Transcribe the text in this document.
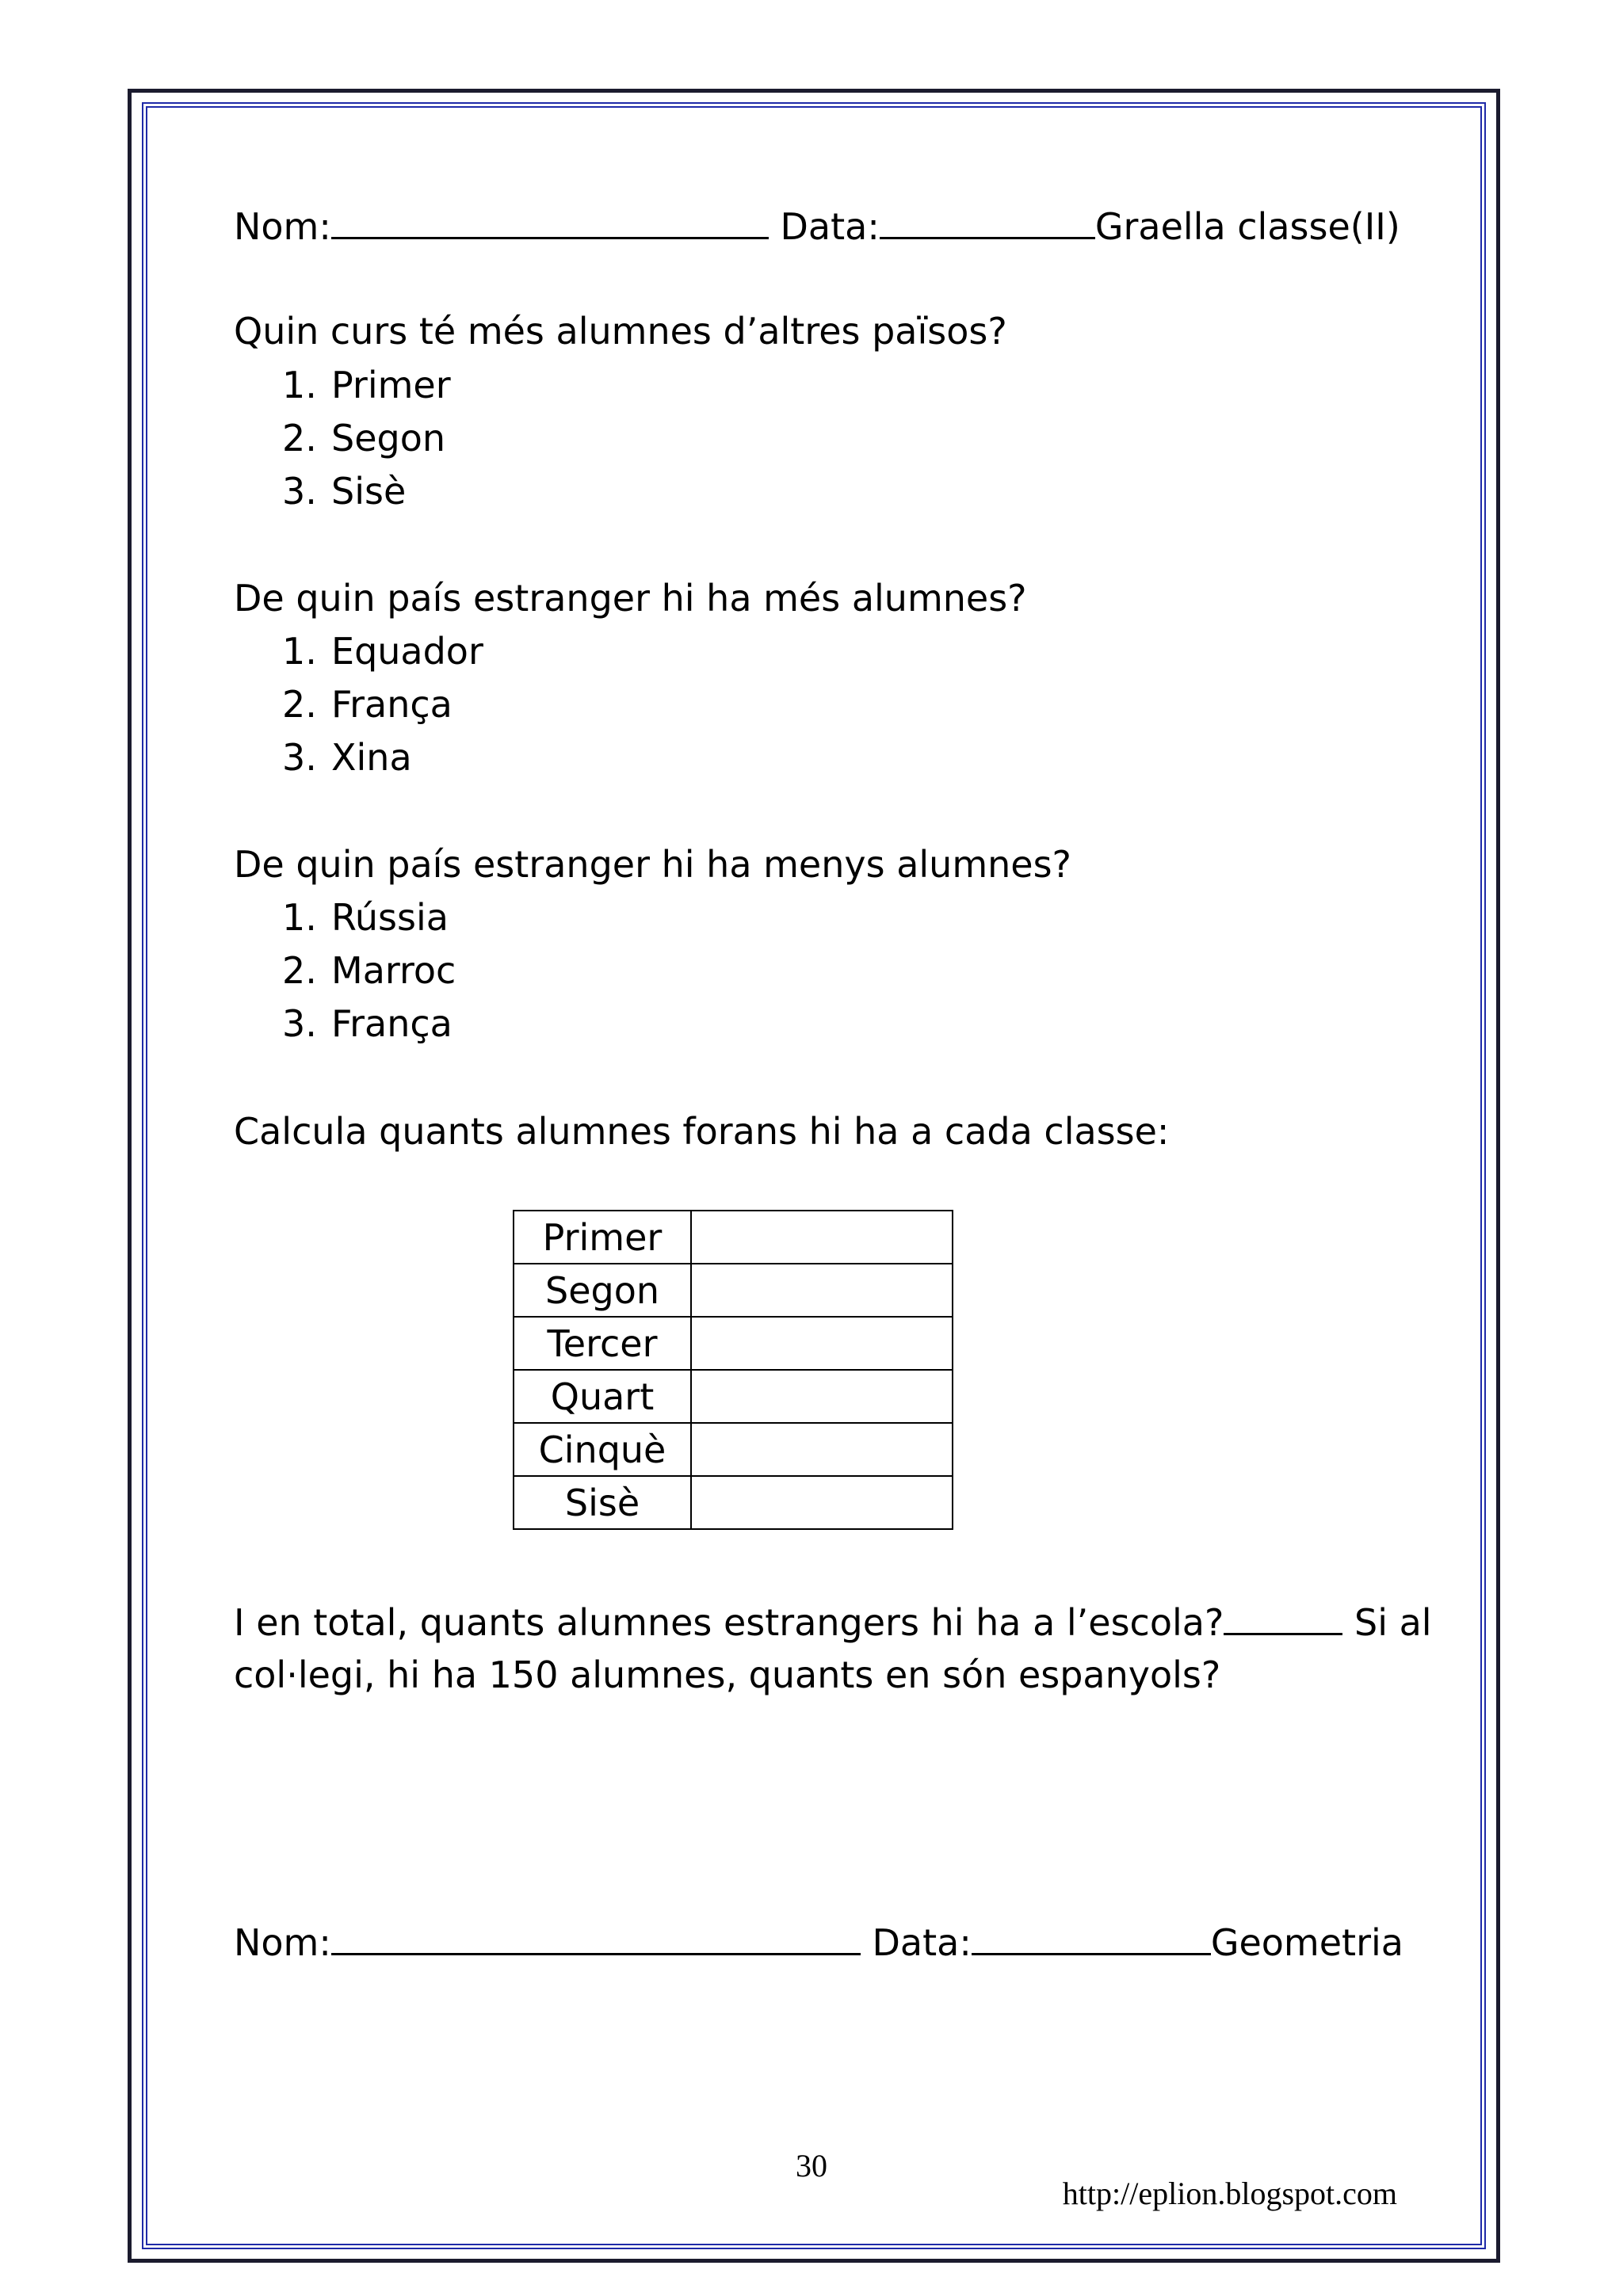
Nom:	Data:	Graella classe(II)
Quin curs té més alumnes d’altres països?
1. Primer
2. Segon
3. Sisè
De quin país estranger hi ha més alumnes?
1. Equador
2. França
3. Xina
De quin país estranger hi ha menys alumnes?
1. Rússia
2. Marroc
3. França
Calcula quants alumnes forans hi ha a cada classe:
Primer	
Segon	
Tercer	
Quart	
Cinquè	
Sisè	
I en total, quants alumnes estrangers hi ha a l’escola?	Si al
col·legi, hi ha 150 alumnes, quants en són espanyols?
Nom:	Data:	Geometria
30
http://eplion.blogspot.com
